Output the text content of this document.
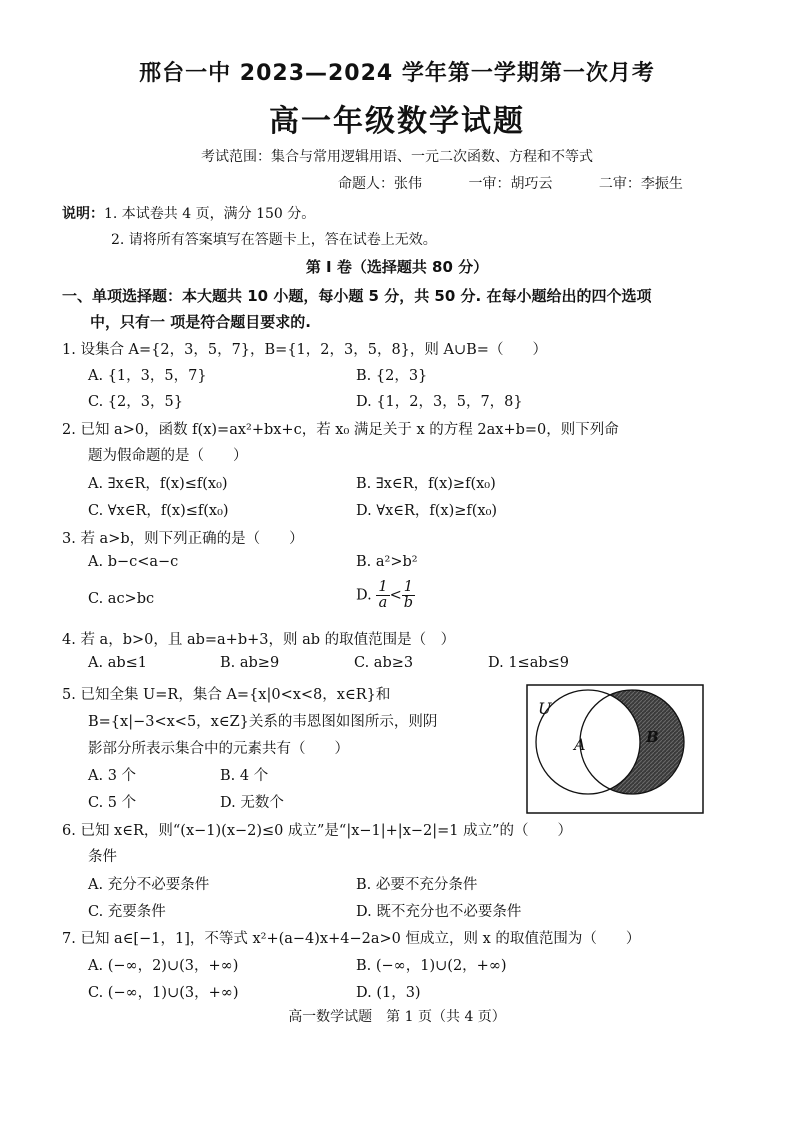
邢台一中 2023—2024 学年第一学期第一次月考
高一年级数学试题
考试范围：集合与常用逻辑用语、一元二次函数、方程和不等式
命题人：张伟	一审：胡巧云	二审：李振生
说明：1. 本试卷共 4 页，满分 150 分。
2. 请将所有答案填写在答题卡上，答在试卷上无效。
第 Ⅰ 卷（选择题共 80 分）
一、单项选择题：本大题共 10 小题，每小题 5 分，共 50 分. 在每小题给出的四个选项
中，只有一 项是符合题目要求的.
1. 设集合 A={2，3，5，7}，B={1，2，3，5，8}，则 A∪B=（　　）
A. {1，3，5，7}	B. {2，3}
C. {2，3，5}	D. {1，2，3，5，7，8}
2. 已知 a>0，函数 f(x)=ax²+bx+c，若 x₀ 满足关于 x 的方程 2ax+b=0，则下列命
题为假命题的是（　　）
A. ∃x∈R，f(x)≤f(x₀)	B. ∃x∈R，f(x)≥f(x₀)
C. ∀x∈R，f(x)≤f(x₀)	D. ∀x∈R，f(x)≥f(x₀)
3. 若 a>b，则下列正确的是（　　）
A. b−c<a−c	B. a²>b²
C. ac>bc	D. $\frac{1}{a} < \frac{1}{b}$
4. 若 a，b>0，且 ab=a+b+3，则 ab 的取值范围是（　）
A. ab≤1	B. ab≥9	C. ab≥3	D. 1≤ab≤9
5. 已知全集 U=R，集合 A={x|0<x<8，x∈R}和
B={x|−3<x<5，x∈Z}关系的韦恩图如图所示，则阴
影部分所表示集合中的元素共有（　　）
A. 3 个	B. 4 个
C. 5 个	D. 无数个
U
A	B
6. 已知 x∈R，则“(x−1)(x−2)≤0 成立”是“|x−1|+|x−2|=1 成立”的（　　）
条件
A. 充分不必要条件	B. 必要不充分条件
C. 充要条件	D. 既不充分也不必要条件
7. 已知 a∈[−1，1]，不等式 x²+(a−4)x+4−2a>0 恒成立，则 x 的取值范围为（　　）
A. (−∞，2)∪(3，+∞)	B. (−∞，1)∪(2，+∞)
C. (−∞，1)∪(3，+∞)	D. (1，3)
高一数学试题　第 1 页（共 4 页）
